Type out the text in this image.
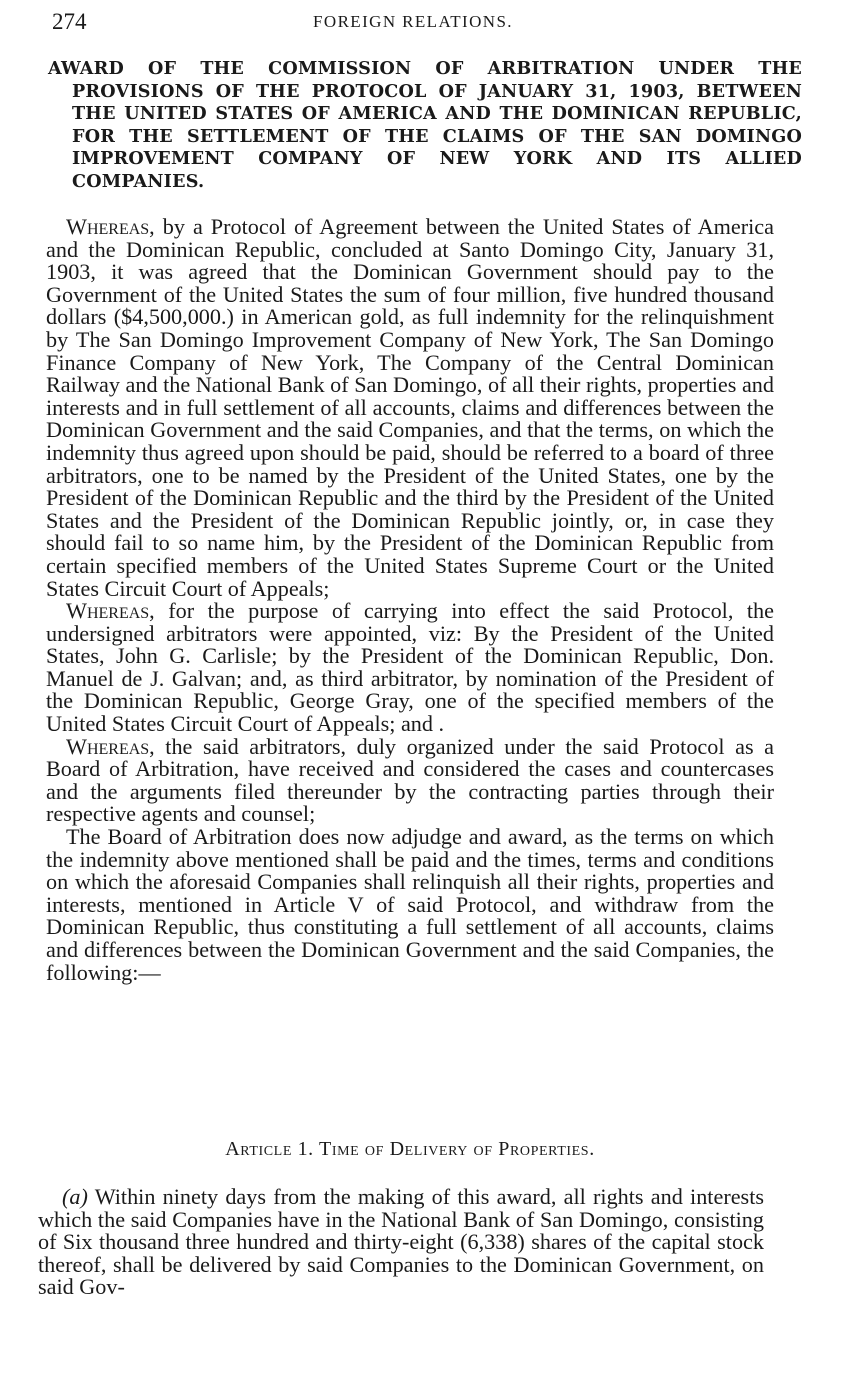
274	FOREIGN RELATIONS.
AWARD OF THE COMMISSION OF ARBITRATION UNDER THE PROVISIONS OF THE PROTOCOL OF JANUARY 31, 1903, BETWEEN THE UNITED STATES OF AMERICA AND THE DOMINICAN REPUBLIC, FOR THE SETTLEMENT OF THE CLAIMS OF THE SAN DOMINGO IMPROVEMENT COMPANY OF NEW YORK AND ITS ALLIED COMPANIES.

Whereas, by a Protocol of Agreement between the United States of America and the Dominican Republic, concluded at Santo Domingo City, January 31, 1903, it was agreed that the Dominican Government should pay to the Government of the United States the sum of four million, five hundred thousand dollars ($4,500,000.) in American gold, as full indemnity for the relinquishment by The San Domingo Improvement Company of New York, The San Domingo Finance Company of New York, The Company of the Central Dominican Railway and the National Bank of San Domingo, of all their rights, properties and interests and in full settlement of all accounts, claims and differences between the Dominican Government and the said Companies, and that the terms, on which the indemnity thus agreed upon should be paid, should be referred to a board of three arbitrators, one to be named by the President of the United States, one by the President of the Dominican Republic and the third by the President of the United States and the President of the Dominican Republic jointly, or, in case they should fail to so name him, by the President of the Dominican Republic from certain specified members of the United States Supreme Court or the United States Circuit Court of Appeals;

Whereas, for the purpose of carrying into effect the said Protocol, the undersigned arbitrators were appointed, viz: By the President of the United States, John G. Carlisle; by the President of the Dominican Republic, Don. Manuel de J. Galvan; and, as third arbitrator, by nomination of the President of the Dominican Republic, George Gray, one of the specified members of the United States Circuit Court of Appeals; and .

Whereas, the said arbitrators, duly organized under the said Protocol as a Board of Arbitration, have received and considered the cases and countercases and the arguments filed thereunder by the contracting parties through their respective agents and counsel;

The Board of Arbitration does now adjudge and award, as the terms on which the indemnity above mentioned shall be paid and the times, terms and conditions on which the aforesaid Companies shall relinquish all their rights, properties and interests, mentioned in Article V of said Protocol, and withdraw from the Dominican Republic, thus constituting a full settlement of all accounts, claims and differences between the Dominican Government and the said Companies, the following:—

Article 1. Time of Delivery of Properties.

(a) Within ninety days from the making of this award, all rights and interests which the said Companies have in the National Bank of San Domingo, consisting of Six thousand three hundred and thirty-eight (6,338) shares of the capital stock thereof, shall be delivered by said Companies to the Dominican Government, on said Gov-
